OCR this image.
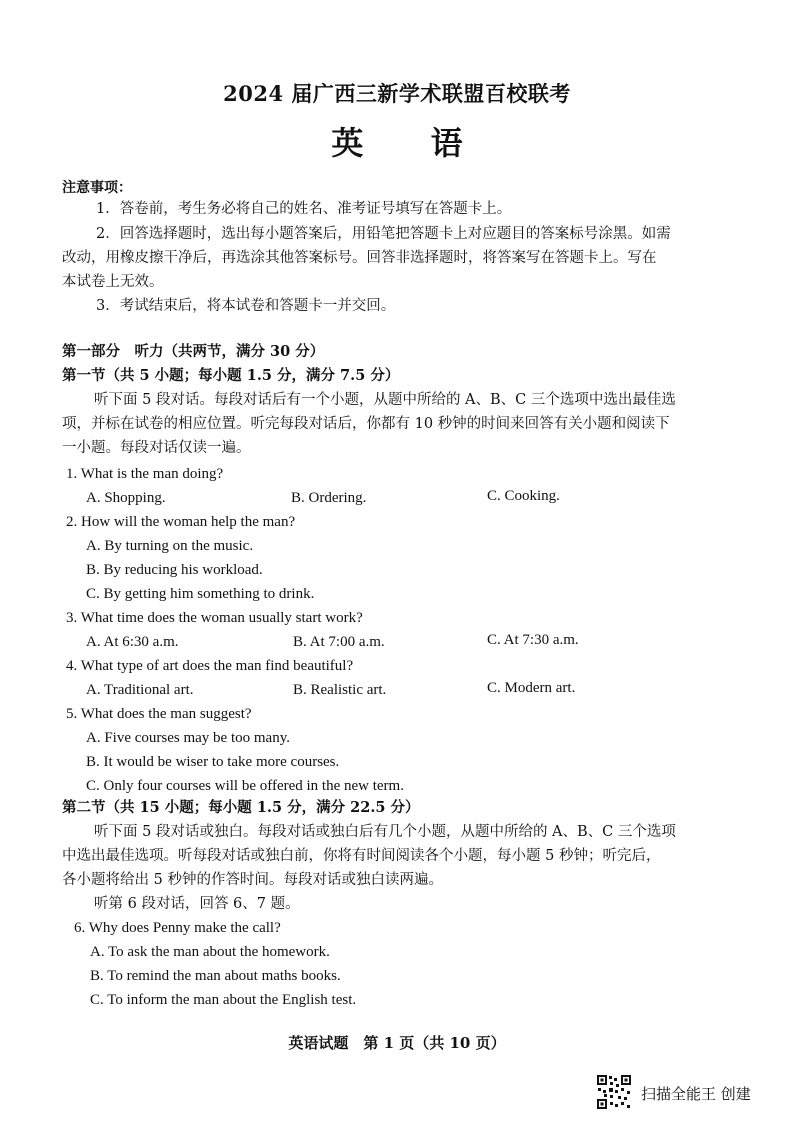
2024 届广西三新学术联盟百校联考
英 语
注意事项：
1．答卷前，考生务必将自己的姓名、准考证号填写在答题卡上。
2．回答选择题时，选出每小题答案后，用铅笔把答题卡上对应题目的答案标号涂黑。如需
改动，用橡皮擦干净后，再选涂其他答案标号。回答非选择题时，将答案写在答题卡上。写在
本试卷上无效。
3．考试结束后，将本试卷和答题卡一并交回。
第一部分　听力（共两节，满分 30 分）
第一节（共 5 小题；每小题 1.5 分，满分 7.5 分）
听下面 5 段对话。每段对话后有一个小题，从题中所给的 A、B、C 三个选项中选出最佳选
项，并标在试卷的相应位置。听完每段对话后，你都有 10 秒钟的时间来回答有关小题和阅读下
一小题。每段对话仅读一遍。
1. What is the man doing?
A. Shopping.	B. Ordering.	C. Cooking.
2. How will the woman help the man?
A. By turning on the music.
B. By reducing his workload.
C. By getting him something to drink.
3. What time does the woman usually start work?
A. At 6:30 a.m.	B. At 7:00 a.m.	C. At 7:30 a.m.
4. What type of art does the man find beautiful?
A. Traditional art.	B. Realistic art.	C. Modern art.
5. What does the man suggest?
A. Five courses may be too many.
B. It would be wiser to take more courses.
C. Only four courses will be offered in the new term.
第二节（共 15 小题；每小题 1.5 分，满分 22.5 分）
听下面 5 段对话或独白。每段对话或独白后有几个小题，从题中所给的 A、B、C 三个选项
中选出最佳选项。听每段对话或独白前，你将有时间阅读各个小题，每小题 5 秒钟；听完后，
各小题将给出 5 秒钟的作答时间。每段对话或独白读两遍。
听第 6 段对话，回答 6、7 题。
6. Why does Penny make the call?
A. To ask the man about the homework.
B. To remind the man about maths books.
C. To inform the man about the English test.
英语试题　第 1 页（共 10 页）
扫描全能王 创建
